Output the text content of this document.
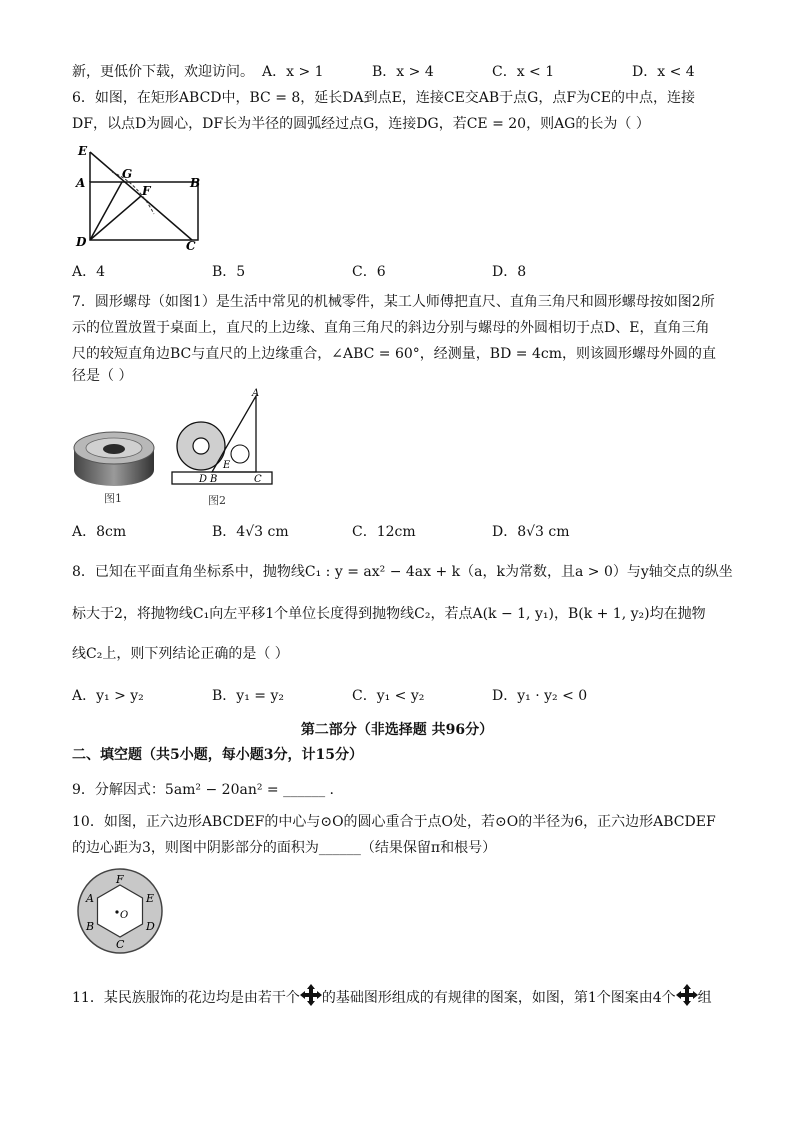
新，更低价下载，欢迎访问。 A．x > 1	B．x > 4	C．x < 1	D．x < 4
6．如图，在矩形ABCD中，BC = 8，延长DA到点E，连接CE交AB于点G，点F为CE的中点，连接
DF，以点D为圆心，DF长为半径的圆弧经过点G，连接DG，若CE = 20，则AG的长为（ ）
E
A
G
F
B
D	C
A．4	B．5	C．6	D．8
7．圆形螺母（如图1）是生活中常见的机械零件，某工人师傅把直尺、直角三角尺和圆形螺母按如图2所
示的位置放置于桌面上，直尺的上边缘、直角三角尺的斜边分别与螺母的外圆相切于点D、E，直角三角
尺的较短直角边BC与直尺的上边缘重合，∠ABC = 60°，经测量，BD = 4cm，则该圆形螺母外圆的直
径是（ ）
图1
A
E
D B	C
图2
A．8cm	B．4√3 cm	C．12cm	D．8√3 cm
8．已知在平面直角坐标系中，抛物线C₁ : y = ax² − 4ax + k（a，k为常数，且a > 0）与y轴交点的纵坐
标大于2，将抛物线C₁向左平移1个单位长度得到抛物线C₂，若点A(k − 1, y₁)，B(k + 1, y₂)均在抛物
线C₂上，则下列结论正确的是（ ）
A．y₁ > y₂	B．y₁ = y₂	C．y₁ < y₂	D．y₁ · y₂ < 0
第二部分（非选择题 共96分）
二、填空题（共5小题，每小题3分，计15分）
9．分解因式：5am² − 20an² = ______ .
10．如图，正六边形ABCDEF的中心与⊙O的圆心重合于点O处，若⊙O的半径为6，正六边形ABCDEF
的边心距为3，则图中阴影部分的面积为______（结果保留π和根号）
F
A	E
O
B	D
C
11．某民族服饰的花边均是由若干个 的基础图形组成的有规律的图案，如图，第1个图案由4个 组
